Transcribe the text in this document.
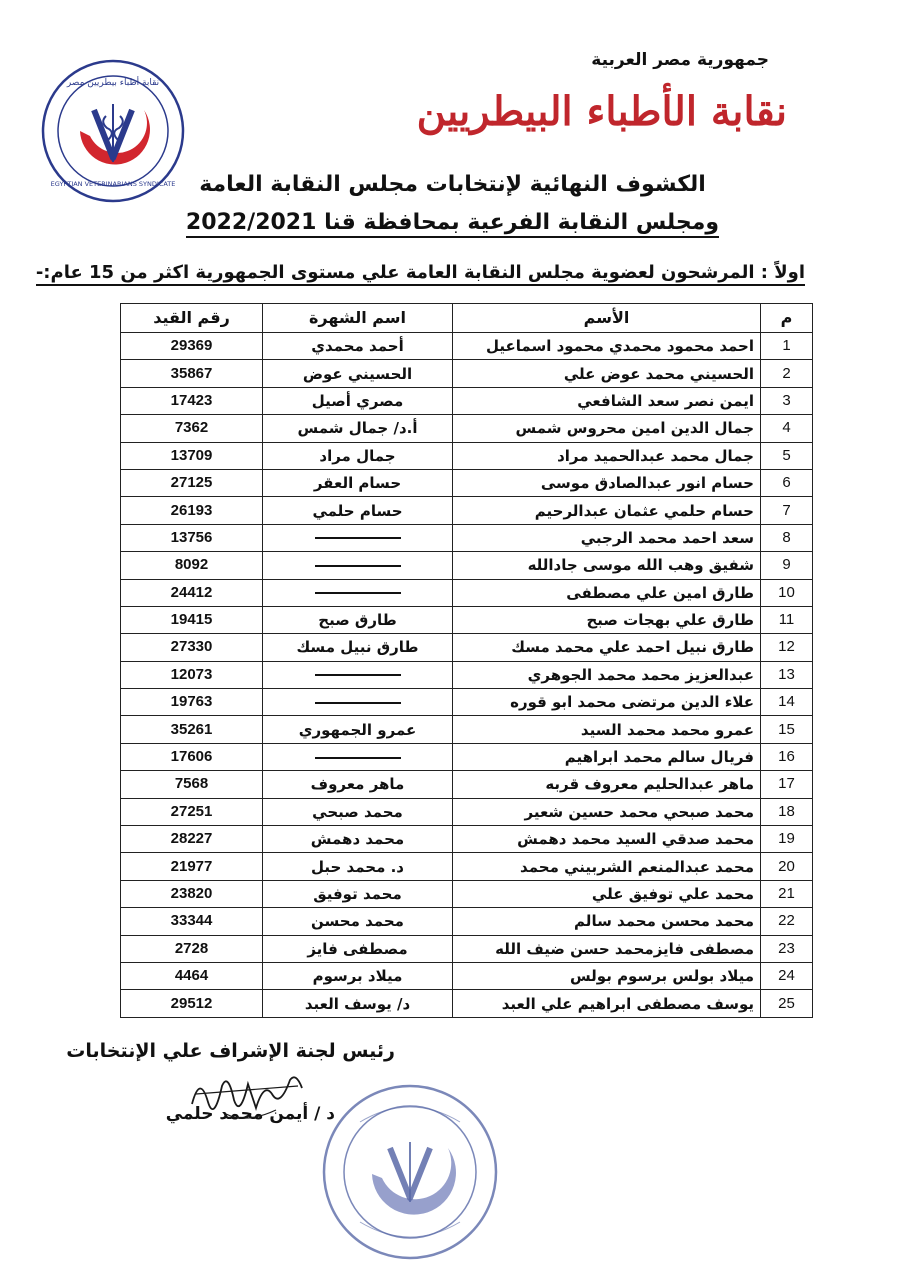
جمهورية مصر العربية
نقابة الأطباء البيطريين
نقابة أطباء بيطريين مصر
EGYPTIAN VETERINARIANS SYNDICATE	الكشوف النهائية لإنتخابات مجلس النقابة العامة
ومجلس النقابة الفرعية بمحافظة قنا 2022/2021
اولاً : المرشحون لعضوية مجلس النقابة العامة علي مستوى الجمهورية اكثر من 15 عام:-
م	الأسم	اسم الشهرة	رقم القيد
1	احمد محمود محمدي محمود اسماعيل	أحمد محمدي	29369
2	الحسيني محمد عوض علي	الحسيني عوض	35867
3	ايمن نصر سعد الشافعي	مصري أصيل	17423
4	جمال الدين امين محروس شمس	أ.د/ جمال شمس	7362
5	جمال محمد عبدالحميد مراد	جمال مراد	13709
6	حسام انور عبدالصادق موسى	حسام العقر	27125
7	حسام حلمي عثمان عبدالرحيم	حسام حلمي	26193
8	سعد احمد محمد الرجبي		13756
9	شفيق وهب الله موسى جادالله		8092
10	طارق امين علي مصطفى		24412
11	طارق علي بهجات صبح	طارق صبح	19415
12	طارق نبيل احمد علي محمد مسك	طارق نبيل مسك	27330
13	عبدالعزيز محمد محمد الجوهري		12073
14	علاء الدين مرتضى محمد ابو قوره		19763
15	عمرو محمد محمد السيد	عمرو الجمهوري	35261
16	فريال سالم محمد ابراهيم		17606
17	ماهر عبدالحليم معروف قربه	ماهر معروف	7568
18	محمد صبحي محمد حسين شعير	محمد صبحي	27251
19	محمد صدقي السيد محمد دهمش	محمد دهمش	28227
20	محمد عبدالمنعم الشربيني محمد	د. محمد حبل	21977
21	محمد علي توفيق علي	محمد توفيق	23820
22	محمد محسن محمد سالم	محمد محسن	33344
23	مصطفى فايزمحمد حسن ضيف الله	مصطفى فايز	2728
24	ميلاد بولس برسوم بولس	ميلاد برسوم	4464
25	يوسف مصطفى ابراهيم علي العبد	د/ يوسف العبد	29512
رئيس لجنة الإشراف علي الإنتخابات
د / أيمن محمد حلمي
